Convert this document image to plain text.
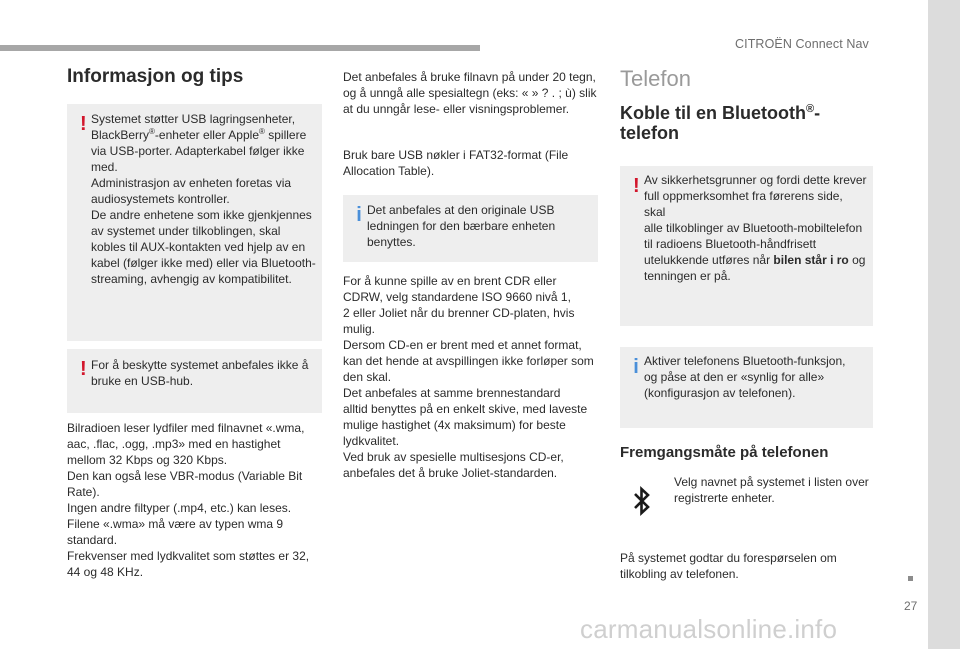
CITROËN Connect Nav
27
carmanualsonline.info
Informasjon og tips
! Systemet støtter USB lagringsenheter,
BlackBerry®-enheter eller Apple® spillere
via USB-porter. Adapterkabel følger ikke
med.
Administrasjon av enheten foretas via
audiosystemets kontroller.
De andre enhetene som ikke gjenkjennes
av systemet under tilkoblingen, skal
kobles til AUX-kontakten ved hjelp av en
kabel (følger ikke med) eller via Bluetooth-
streaming, avhengig av kompatibilitet.
! For å beskytte systemet anbefales ikke å
bruke en USB-hub.

Bilradioen leser lydfiler med filnavnet «.wma,

aac, .flac, .ogg, .mp3» med en hastighet

mellom 32 Kbps og 320 Kbps.

Den kan også lese VBR-modus (Variable Bit

Rate).

Ingen andre filtyper (.mp4, etc.) kan leses.

Filene «.wma» må være av typen wma 9

standard.

Frekvenser med lydkvalitet som støttes er 32,

44 og 48 KHz.

Det anbefales å bruke filnavn på under 20 tegn,

og å unngå alle spesialtegn (eks: « » ? . ; ù) slik

at du unngår lese- eller visningsproblemer.

Bruk bare USB nøkler i FAT32-format (File

Allocation Table).

i Det anbefales at den originale USB
ledningen for den bærbare enheten
benyttes.

For å kunne spille av en brent CDR eller

CDRW, velg standardene ISO 9660 nivå 1,

2 eller Joliet når du brenner CD-platen, hvis

mulig.

Dersom CD-en er brent med et annet format,

kan det hende at avspillingen ikke forløper som

den skal.

Det anbefales at samme brennestandard

alltid benyttes på en enkelt skive, med laveste

mulige hastighet (4x maksimum) for beste

lydkvalitet.

Ved bruk av spesielle multisesjons CD-er,

anbefales det å bruke Joliet-standarden.

Telefon
Koble til en Bluetooth®-
telefon
! Av sikkerhetsgrunner og fordi dette krever
full oppmerksomhet fra førerens side, skal
alle tilkoblinger av Bluetooth-mobiltelefon
til radioens Bluetooth-håndfrisett
utelukkende utføres når bilen står i ro og
tenningen er på.
i Aktiver telefonens Bluetooth-funksjon,
og påse at den er «synlig for alle»
(konfigurasjon av telefonen).
Fremgangsmåte på telefonen

Velg navnet på systemet i listen over

registrerte enheter.

På systemet godtar du forespørselen om

tilkobling av telefonen.
